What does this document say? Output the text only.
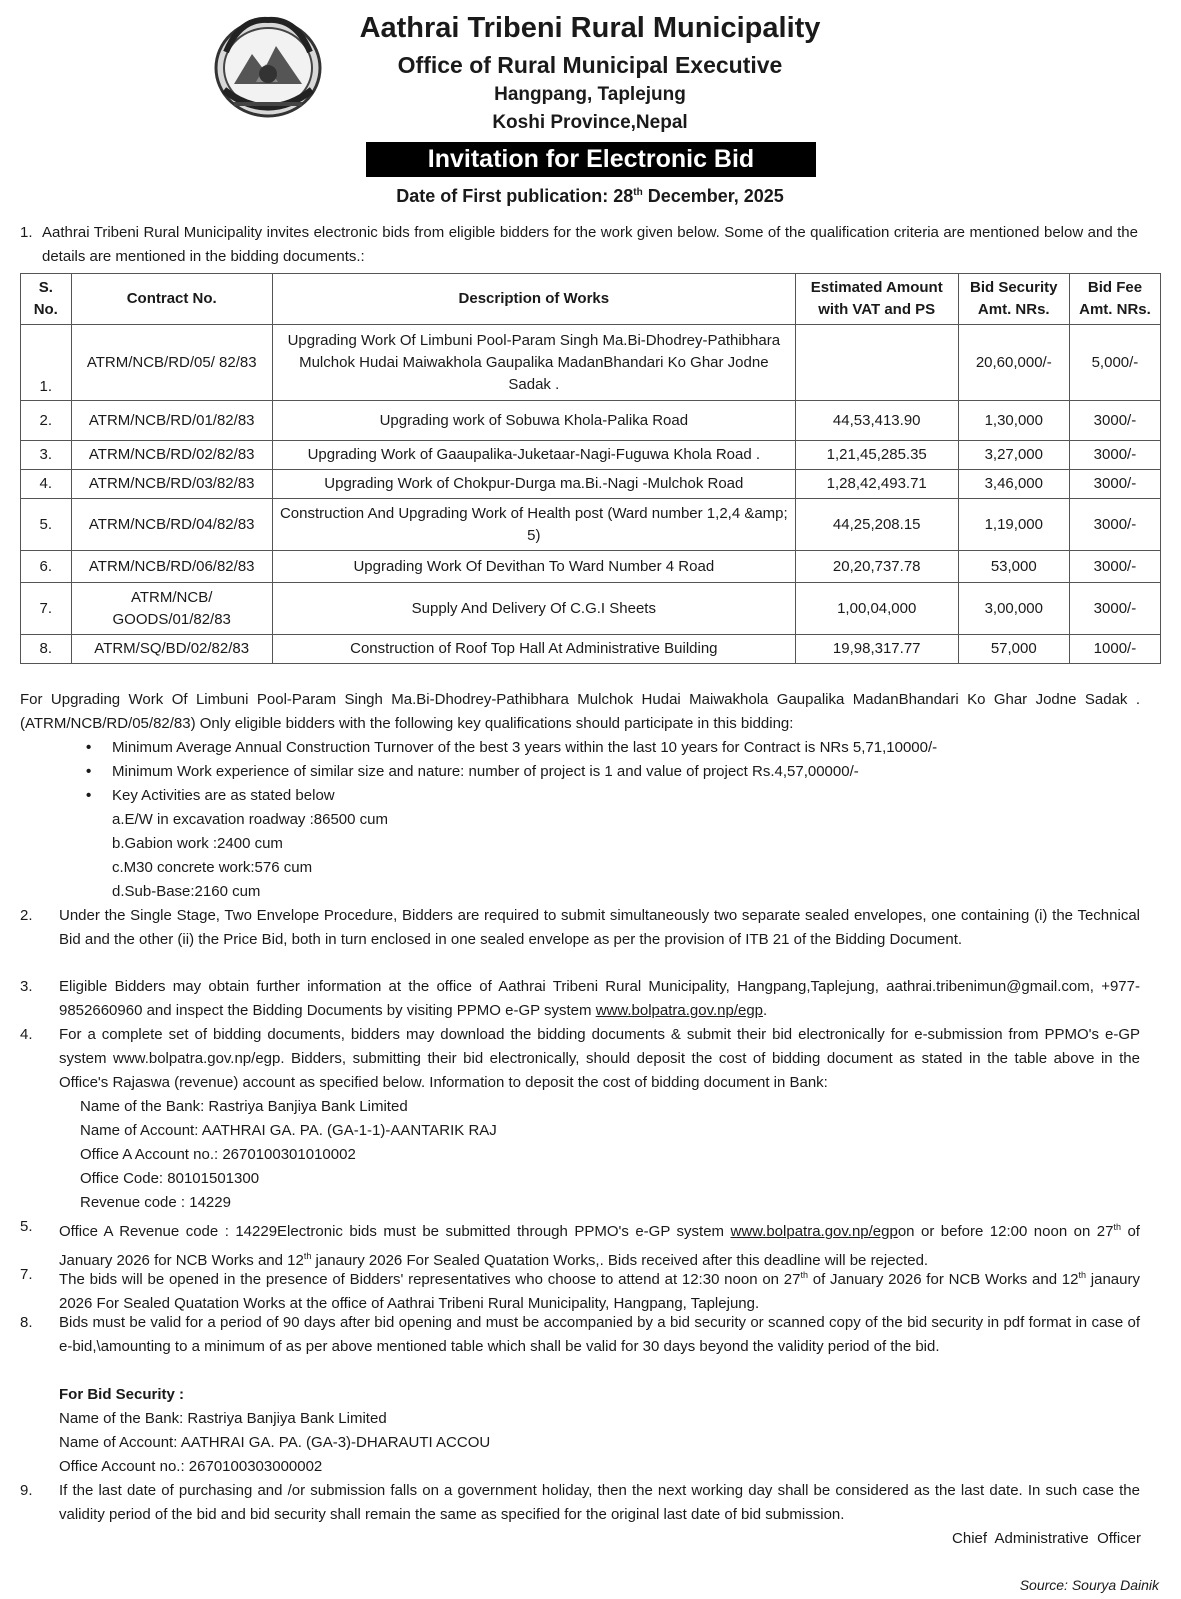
Aathrai Tribeni Rural Municipality
Office of Rural Municipal Executive
Hangpang, Taplejung
Koshi Province,Nepal
Invitation for Electronic Bid
Date of First publication: 28th December, 2025
1. Aathrai Tribeni Rural Municipality invites electronic bids from eligible bidders for the work given below. Some of the qualification criteria are mentioned below and the details are mentioned in the bidding documents.:
S. No.	Contract No.	Description of Works	Estimated Amount with VAT and PS	Bid Security Amt. NRs.	Bid Fee Amt. NRs.
1.	ATRM/NCB/RD/05/ 82/83	Upgrading Work Of Limbuni Pool-Param Singh Ma.Bi-Dhodrey-Pathibhara Mulchok Hudai Maiwakhola Gaupalika MadanBhandari Ko Ghar Jodne Sadak .		20,60,000/-	5,000/-
2.	ATRM/NCB/RD/01/82/83	Upgrading work of Sobuwa Khola-Palika Road	44,53,413.90	1,30,000	3000/-
3.	ATRM/NCB/RD/02/82/83	Upgrading Work of Gaaupalika-Juketaar-Nagi-Fuguwa Khola Road .	1,21,45,285.35	3,27,000	3000/-
4.	ATRM/NCB/RD/03/82/83	Upgrading Work of Chokpur-Durga ma.Bi.-Nagi -Mulchok Road	1,28,42,493.71	3,46,000	3000/-
5.	ATRM/NCB/RD/04/82/83	Construction And Upgrading Work of Health post (Ward number 1,2,4 &amp; 5)	44,25,208.15	1,19,000	3000/-
6.	ATRM/NCB/RD/06/82/83	Upgrading Work Of Devithan To Ward Number 4 Road	20,20,737.78	53,000	3000/-
7.	ATRM/NCB/ GOODS/01/82/83	Supply And Delivery Of C.G.I Sheets	1,00,04,000	3,00,000	3000/-
8.	ATRM/SQ/BD/02/82/83	Construction of Roof Top Hall At Administrative Building	19,98,317.77	57,000	1000/-
For Upgrading Work Of Limbuni Pool-Param Singh Ma.Bi-Dhodrey-Pathibhara Mulchok Hudai Maiwakhola Gaupalika MadanBhandari Ko Ghar Jodne Sadak . (ATRM/NCB/RD/05/82/83) Only eligible bidders with the following key qualifications should participate in this bidding:
• Minimum Average Annual Construction Turnover of the best 3 years within the last 10 years for Contract is NRs 5,71,10000/-
• Minimum Work experience of similar size and nature: number of project is 1 and value of project Rs.4,57,00000/-
• Key Activities are as stated below
a.E/W in excavation roadway :86500 cum
b.Gabion work :2400 cum
c.M30 concrete work:576 cum
d.Sub-Base:2160 cum
2. Under the Single Stage, Two Envelope Procedure, Bidders are required to submit simultaneously two separate sealed envelopes, one containing (i) the Technical Bid and the other (ii) the Price Bid, both in turn enclosed in one sealed envelope as per the provision of ITB 21 of the Bidding Document.
3. Eligible Bidders may obtain further information at the office of Aathrai Tribeni Rural Municipality, Hangpang,Taplejung, aathrai.tribenimun@gmail.com, +977-9852660960 and inspect the Bidding Documents by visiting PPMO e-GP system www.bolpatra.gov.np/egp.
4. For a complete set of bidding documents, bidders may download the bidding documents & submit their bid electronically for e-submission from PPMO's e-GP system www.bolpatra.gov.np/egp. Bidders, submitting their bid electronically, should deposit the cost of bidding document as stated in the table above in the Office's Rajaswa (revenue) account as specified below. Information to deposit the cost of bidding document in Bank:
Name of the Bank: Rastriya Banjiya Bank Limited
Name of Account: AATHRAI GA. PA. (GA-1-1)-AANTARIK RAJ
Office A Account no.: 2670100301010002
Office Code: 80101501300
Revenue code : 14229
5. Office A Revenue code : 14229Electronic bids must be submitted through PPMO's e-GP system www.bolpatra.gov.np/egpon or before 12:00 noon on 27th of January 2026 for NCB Works and 12th janaury 2026 For Sealed Quatation Works,. Bids received after this deadline will be rejected.
7. The bids will be opened in the presence of Bidders' representatives who choose to attend at 12:30 noon on 27th of January 2026 for NCB Works and 12th janaury 2026 For Sealed Quatation Works at the office of Aathrai Tribeni Rural Municipality, Hangpang, Taplejung.
8. Bids must be valid for a period of 90 days after bid opening and must be accompanied by a bid security or scanned copy of the bid security in pdf format in case of e-bid,\amounting to a minimum of as per above mentioned table which shall be valid for 30 days beyond the validity period of the bid.
For Bid Security :
Name of the Bank: Rastriya Banjiya Bank Limited
Name of Account: AATHRAI GA. PA. (GA-3)-DHARAUTI ACCOU
Office Account no.: 2670100303000002
9. If the last date of purchasing and /or submission falls on a government holiday, then the next working day shall be considered as the last date. In such case the validity period of the bid and bid security shall remain the same as specified for the original last date of bid submission.
Chief  Administrative  Officer
Source: Sourya Dainik
